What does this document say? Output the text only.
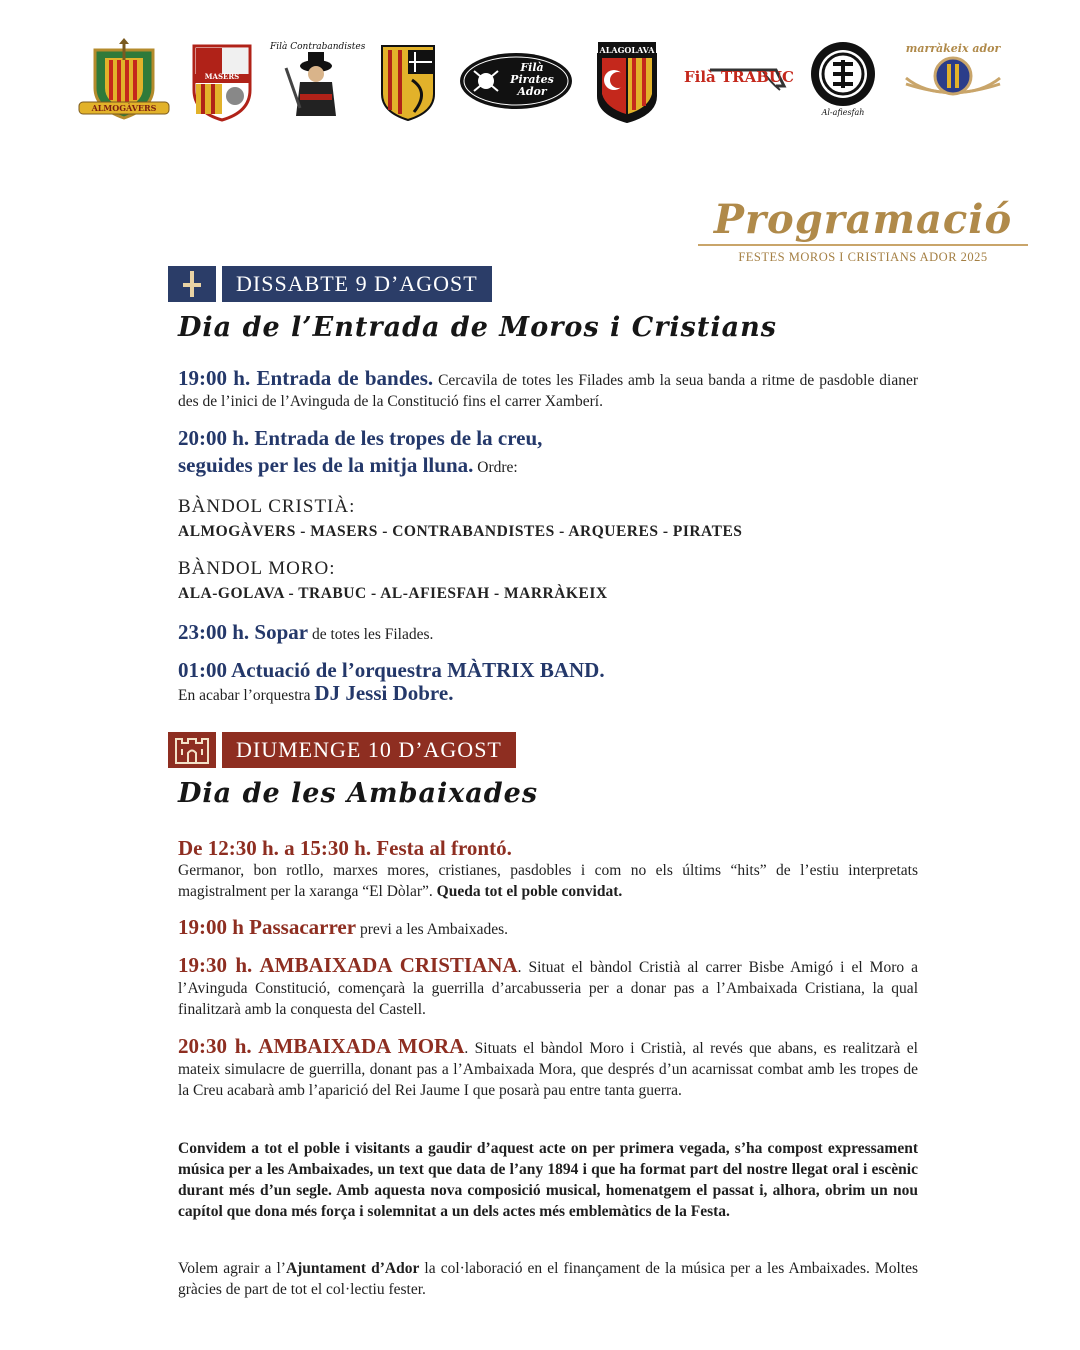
ALMOGÀVERS
MASERS
Filà Contrabandistes
Filà Pirates Ador
ALAGOLAVA
Filà TRABUC
Al-afiesfah
marràkeix ador
Programació
FESTES MOROS I CRISTIANS ADOR 2025
DISSABTE 9 D’AGOST
Dia de l’Entrada de Moros i Cristians
19:00 h. Entrada de bandes. Cercavila de totes les Filades amb la seua banda a ritme de pasdoble dianer des de l’inici de l’Avinguda de la Constitució fins el carrer Xamberí.
20:00 h. Entrada de les tropes de la creu,
seguides per les de la mitja lluna. Ordre:
BÀNDOL CRISTIÀ:
ALMOGÀVERS - MASERS - CONTRABANDISTES - ARQUERES - PIRATES
BÀNDOL MORO:
ALA-GOLAVA - TRABUC - AL-AFIESFAH - MARRÀKEIX
23:00 h. Sopar de totes les Filades.
01:00 Actuació de l’orquestra MÀTRIX BAND.
En acabar l’orquestra DJ Jessi Dobre.
DIUMENGE 10 D’AGOST
Dia de les Ambaixades
De 12:30 h. a 15:30 h. Festa al frontó.
Germanor, bon rotllo, marxes mores, cristianes, pasdobles i com no els últims “hits” de l’estiu interpretats magistralment per la xaranga “El Dòlar”. Queda tot el poble convidat.
19:00 h Passacarrer previ a les Ambaixades.
19:30 h. AMBAIXADA CRISTIANA. Situat el bàndol Cristià al carrer Bisbe Amigó i el Moro a l’Avinguda Constitució, començarà la guerrilla d’arcabusseria per a donar pas a l’Ambaixada Cristiana, la qual finalitzarà amb la conquesta del Castell.
20:30 h. AMBAIXADA MORA. Situats el bàndol Moro i Cristià, al revés que abans, es realitzarà el mateix simulacre de guerrilla, donant pas a l’Ambaixada Mora, que després d’un acarnissat combat amb les tropes de la Creu acabarà amb l’aparició del Rei Jaume I que posarà pau entre tanta guerra.
Convidem a tot el poble i visitants a gaudir d’aquest acte on per primera vegada, s’ha compost expressament música per a les Ambaixades, un text que data de l’any 1894 i que ha format part del nostre llegat oral i escènic durant més d’un segle. Amb aquesta nova composició musical, homenatgem el passat i, alhora, obrim un nou capítol que dona més força i solemnitat a un dels actes més emblemàtics de la Festa.
Volem agrair a l’Ajuntament d’Ador la col·laboració en el finançament de la música per a les Ambaixades. Moltes gràcies de part de tot el col·lectiu fester.
